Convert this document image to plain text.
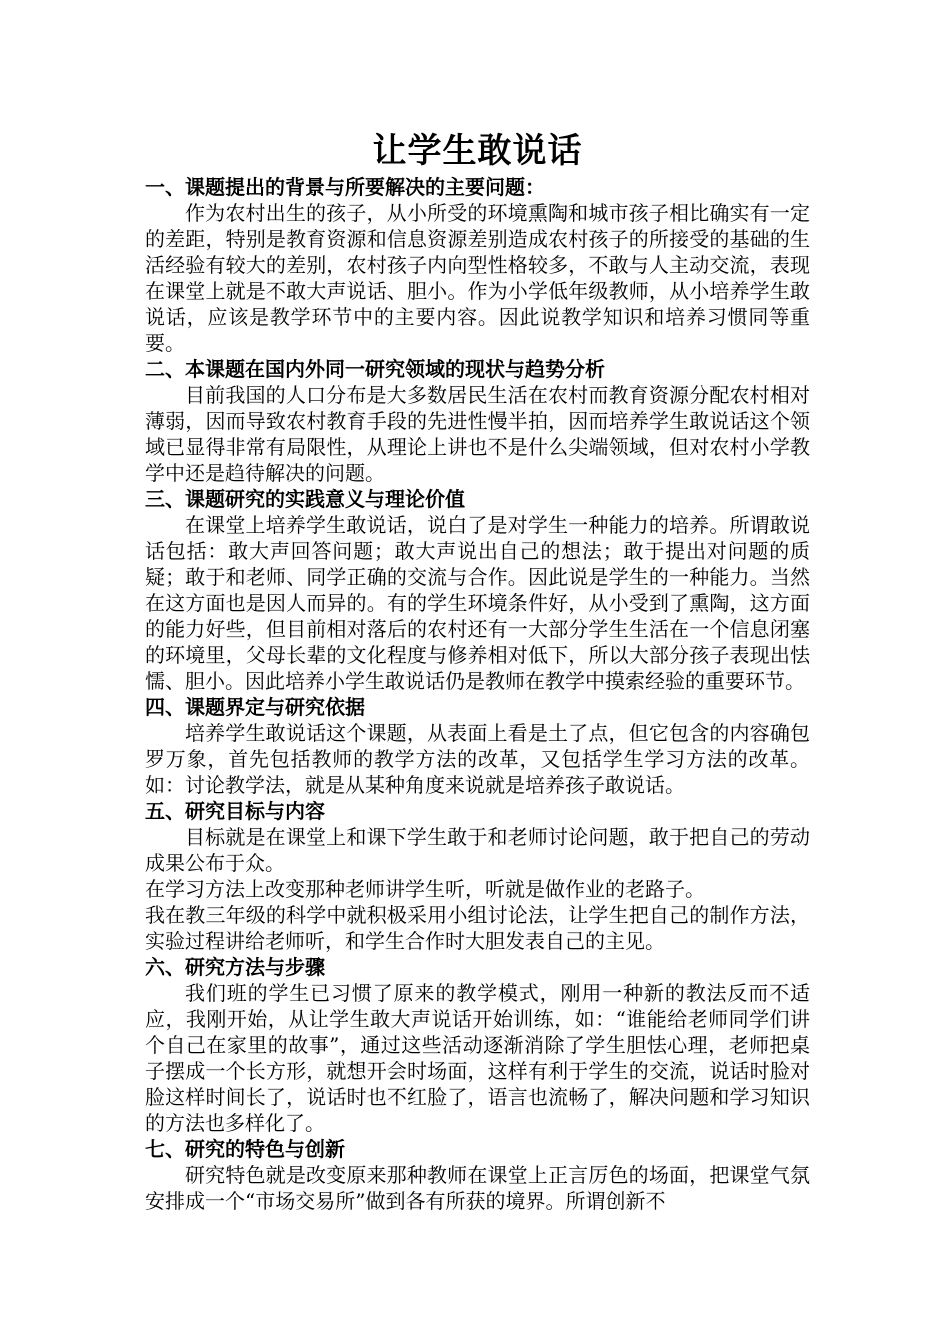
让学生敢说话

一、课题提出的背景与所要解决的主要问题：

作为农村出生的孩子，从小所受的环境熏陶和城市孩子相比确实有一定的差距，特别是教育资源和信息资源差别造成农村孩子的所接受的基础的生活经验有较大的差别，农村孩子内向型性格较多，不敢与人主动交流，表现在课堂上就是不敢大声说话、胆小。作为小学低年级教师，从小培养学生敢说话，应该是教学环节中的主要内容。因此说教学知识和培养习惯同等重要。

二、本课题在国内外同一研究领域的现状与趋势分析

目前我国的人口分布是大多数居民生活在农村而教育资源分配农村相对薄弱，因而导致农村教育手段的先进性慢半拍，因而培养学生敢说话这个领域已显得非常有局限性，从理论上讲也不是什么尖端领域，但对农村小学教学中还是趋待解决的问题。

三、课题研究的实践意义与理论价值

在课堂上培养学生敢说话，说白了是对学生一种能力的培养。所谓敢说话包括：敢大声回答问题；敢大声说出自己的想法；敢于提出对问题的质疑；敢于和老师、同学正确的交流与合作。因此说是学生的一种能力。当然在这方面也是因人而异的。有的学生环境条件好，从小受到了熏陶，这方面的能力好些，但目前相对落后的农村还有一大部分学生生活在一个信息闭塞的环境里，父母长辈的文化程度与修养相对低下，所以大部分孩子表现出怯懦、胆小。因此培养小学生敢说话仍是教师在教学中摸索经验的重要环节。

四、课题界定与研究依据

培养学生敢说话这个课题，从表面上看是土了点，但它包含的内容确包罗万象，首先包括教师的教学方法的改革，又包括学生学习方法的改革。如：讨论教学法，就是从某种角度来说就是培养孩子敢说话。

五、研究目标与内容

目标就是在课堂上和课下学生敢于和老师讨论问题，敢于把自己的劳动成果公布于众。

在学习方法上改变那种老师讲学生听，听就是做作业的老路子。

我在教三年级的科学中就积极采用小组讨论法，让学生把自己的制作方法，实验过程讲给老师听，和学生合作时大胆发表自己的主见。

六、研究方法与步骤

我们班的学生已习惯了原来的教学模式，刚用一种新的教法反而不适应，我刚开始，从让学生敢大声说话开始训练，如：“谁能给老师同学们讲个自己在家里的故事”，通过这些活动逐渐消除了学生胆怯心理，老师把桌子摆成一个长方形，就想开会时场面，这样有利于学生的交流，说话时脸对脸这样时间长了，说话时也不红脸了，语言也流畅了，解决问题和学习知识的方法也多样化了。

七、研究的特色与创新

研究特色就是改变原来那种教师在课堂上正言厉色的场面，把课堂气氛安排成一个“市场交易所”做到各有所获的境界。所谓创新不
